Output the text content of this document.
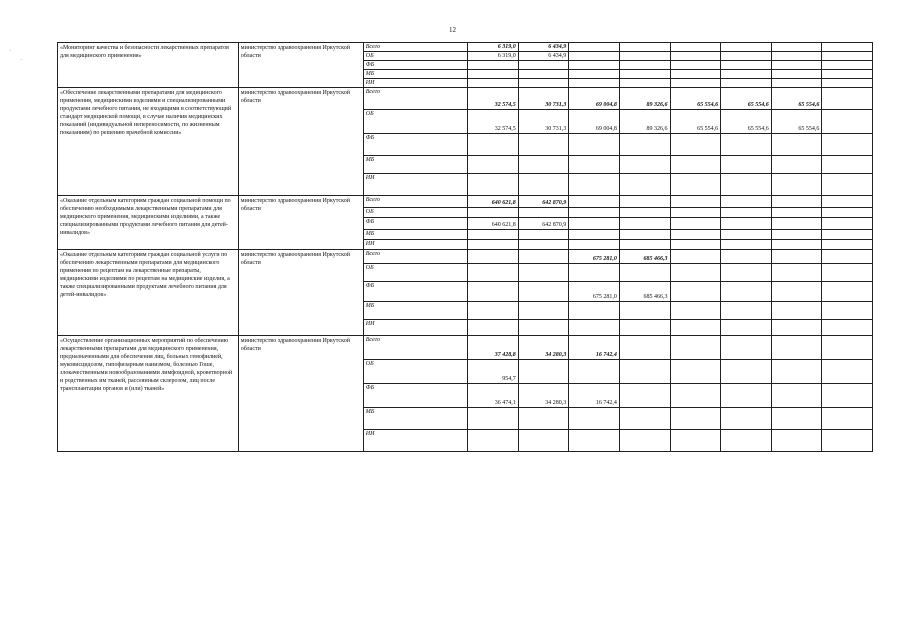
12
˙
˙
«Мониторинг качества и безопасности лекарственных препаратов для медицинского применения»	министерство здравоохранения Иркутской области	Всего	6 319,0	6 434,9						
		ОБ	6 319,0	6 434,9						
		ФБ								
		МБ								
		ИИ								
«Обеспечение лекарственными препаратами для медицинского применения, медицинскими изделиями и специализированными продуктами лечебного питания, не входящими в соответствующий стандарт медицинской помощи, в случае наличия медицинских показаний (индивидуальной непереносимости, по жизненным показаниям) по решению врачебной комиссии»	министерство здравоохранения Иркутской области	Всего	32 574,5	30 731,3	69 004,8	89 326,6	65 554,6	65 554,6	65 554,6	
		ОБ	32 574,5	30 731,3	69 004,8	89 326,6	65 554,6	65 554,6	65 554,6	
		ФБ								
		МБ								
		ИИ								
«Оказание отдельным категориям граждан социальной помощи по обеспечению необходимыми лекарственными препаратами для медицинского применения, медицинскими изделиями, а также специализированными продуктами лечебного питания для детей-инвалидов»	министерство здравоохранения Иркутской области	Всего	640 621,8	642 870,9						
		ОБ								
		ФБ	640 621,8	642 870,9						
		МБ								
		ИИ								
«Оказание отдельным категориям граждан социальной услуги по обеспечению лекарственными препаратами для медицинского применения по рецептам на лекарственные препараты, медицинскими изделиями по рецептам на медицинские изделия, а также специализированными продуктами лечебного питания для детей-инвалидов»	министерство здравоохранения Иркутской области	Всего			675 281,0	685 466,3				
		ОБ								
		ФБ			675 281,0	685 466,3				
		МБ								
		ИИ								
«Осуществление организационных мероприятий по обеспечению лекарственными препаратами для медицинского применения, предназначенными для обеспечения лиц, больных гемофилией, муковисцидозом, гипофизарным нанизмом, болезнью Гоше, злокачественными новообразованиями лимфоидной, кроветворной и родственных им тканей, рассеянным склерозом, лиц после трансплантации органов и (или) тканей»	министерство здравоохранения Иркутской области	Всего	37 428,8	34 280,3	16 742,4					
		ОБ	954,7							
		ФБ	36 474,1	34 280,3	16 742,4					
		МБ								
		ИИ								
